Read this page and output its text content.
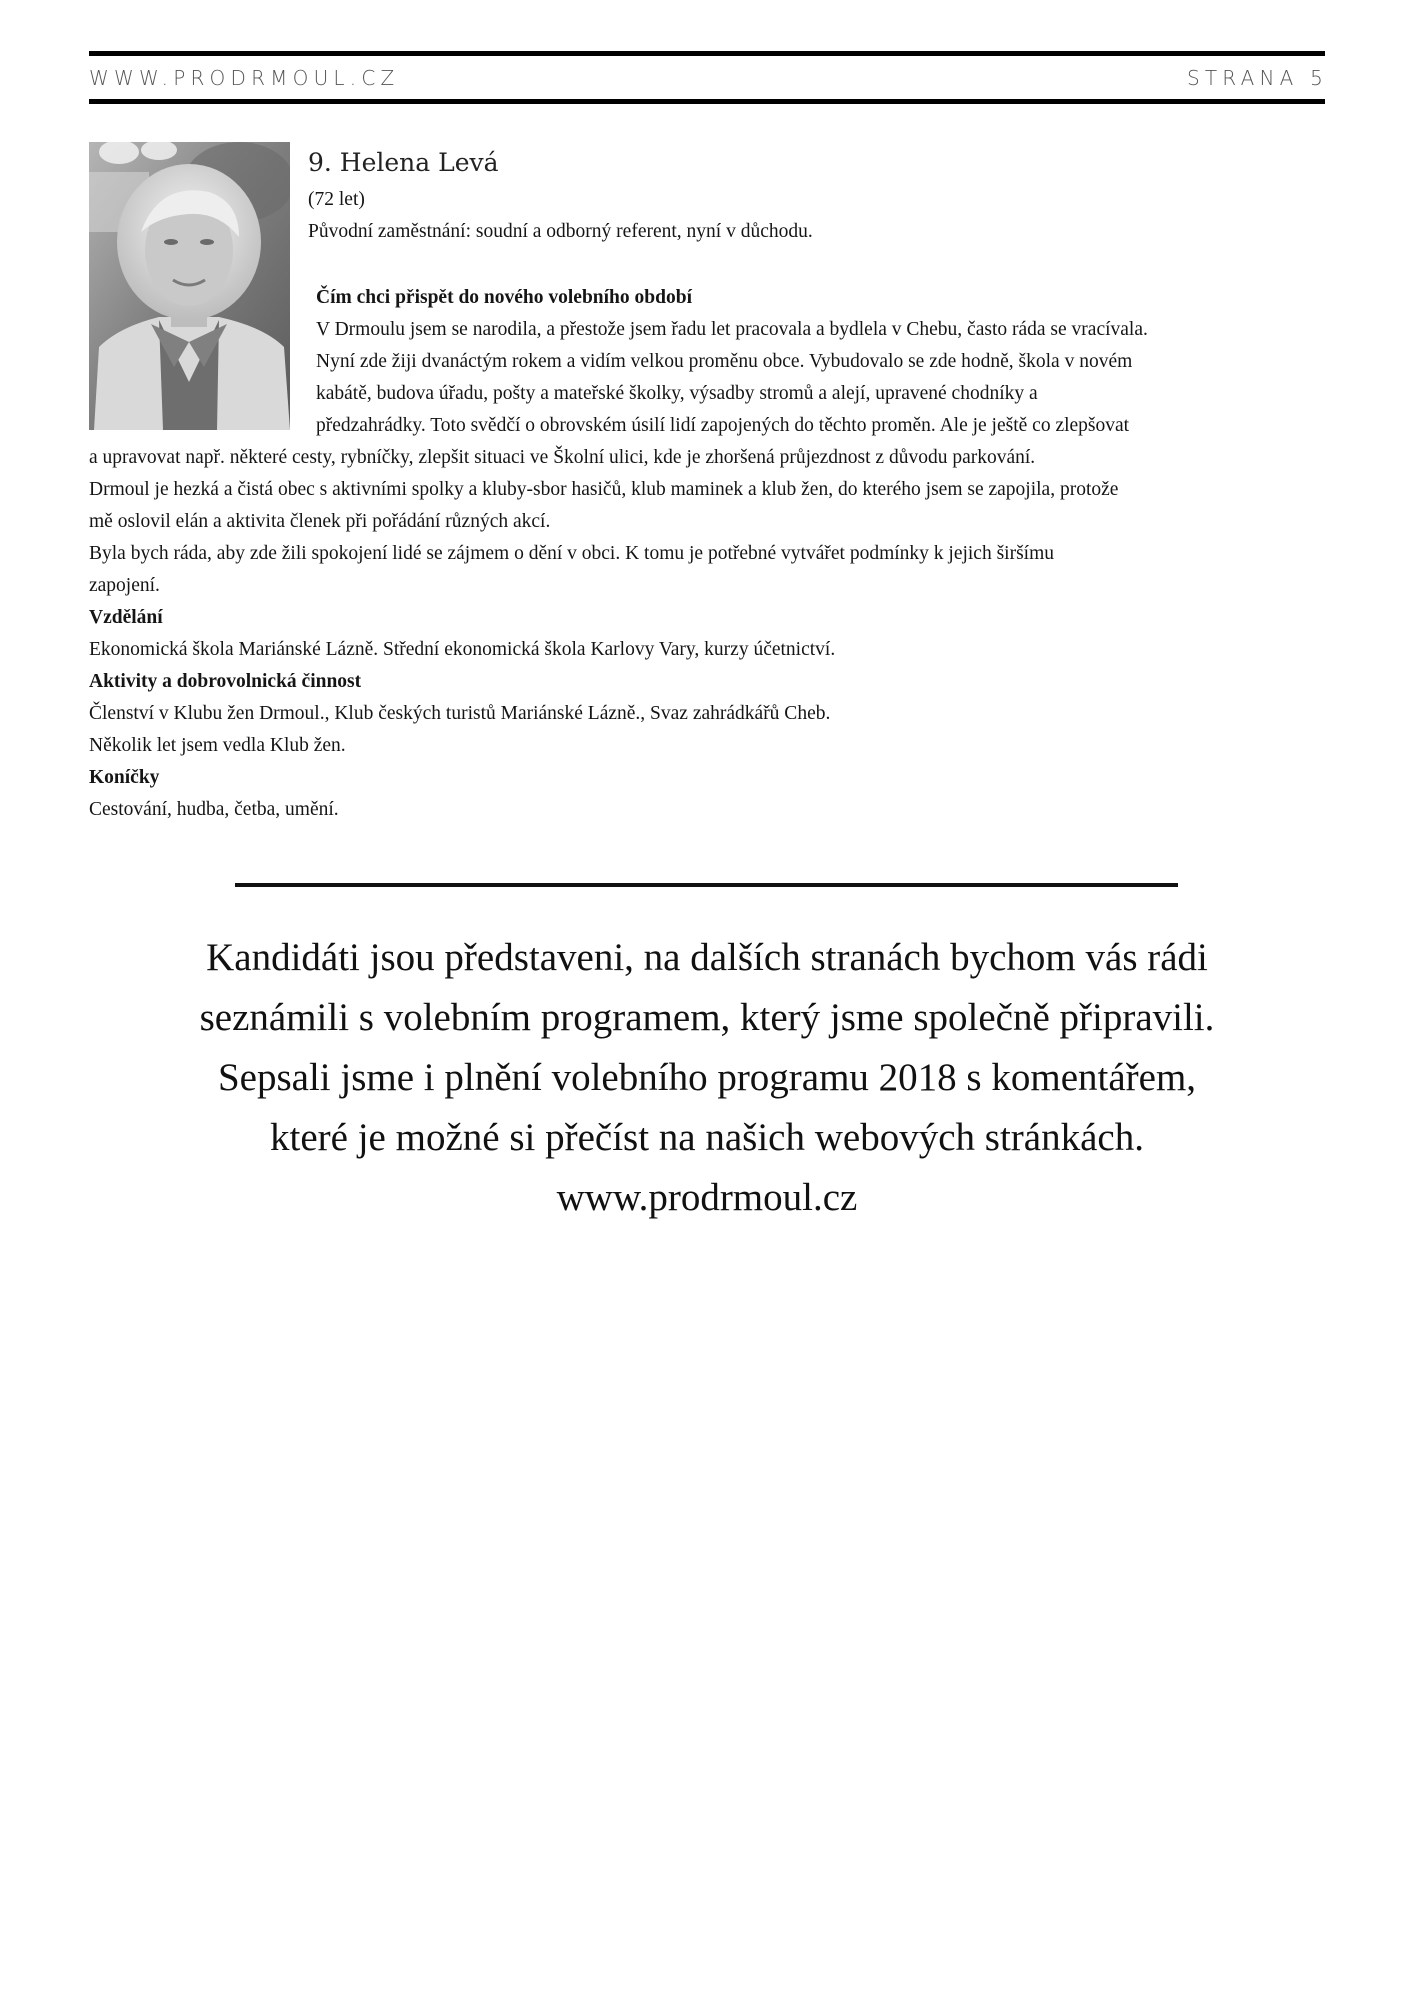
WWW.PRODRMOUL.CZ	STRANA 5
9. Helena Levá
(72 let)
Původní zaměstnání: soudní a odborný referent, nyní v důchodu.
Čím chci přispět do nového volebního období
V Drmoulu jsem se narodila, a přestože jsem řadu let pracovala a bydlela v Chebu, často ráda se vracívala.
Nyní zde žiji dvanáctým rokem a vidím velkou proměnu obce. Vybudovalo se zde hodně, škola v novém
kabátě, budova úřadu, pošty a mateřské školky, výsadby stromů a alejí, upravené chodníky a
předzahrádky. Toto svědčí o obrovském úsilí lidí zapojených do těchto proměn. Ale je ještě co zlepšovat
a upravovat např. některé cesty, rybníčky, zlepšit situaci ve Školní ulici, kde je zhoršená průjezdnost z důvodu parkování.
Drmoul je hezká a čistá obec s aktivními spolky a kluby-sbor hasičů, klub maminek a klub žen, do kterého jsem se zapojila, protože
mě oslovil elán a aktivita členek při pořádání různých akcí.
Byla bych ráda, aby zde žili spokojení lidé se zájmem o dění v obci. K tomu je potřebné vytvářet podmínky k jejich širšímu
zapojení.
Vzdělání
Ekonomická škola Mariánské Lázně. Střední ekonomická škola Karlovy Vary, kurzy účetnictví.
Aktivity a dobrovolnická činnost
Členství v Klubu žen Drmoul., Klub českých turistů Mariánské Lázně., Svaz zahrádkářů Cheb.
Několik let jsem vedla Klub žen.
Koníčky
Cestování, hudba, četba, umění.
Kandidáti jsou představeni, na dalších stranách bychom vás rádi
seznámili s volebním programem, který jsme společně připravili.
Sepsali jsme i plnění volebního programu 2018 s komentářem,
které je možné si přečíst na našich webových stránkách.
www.prodrmoul.cz
